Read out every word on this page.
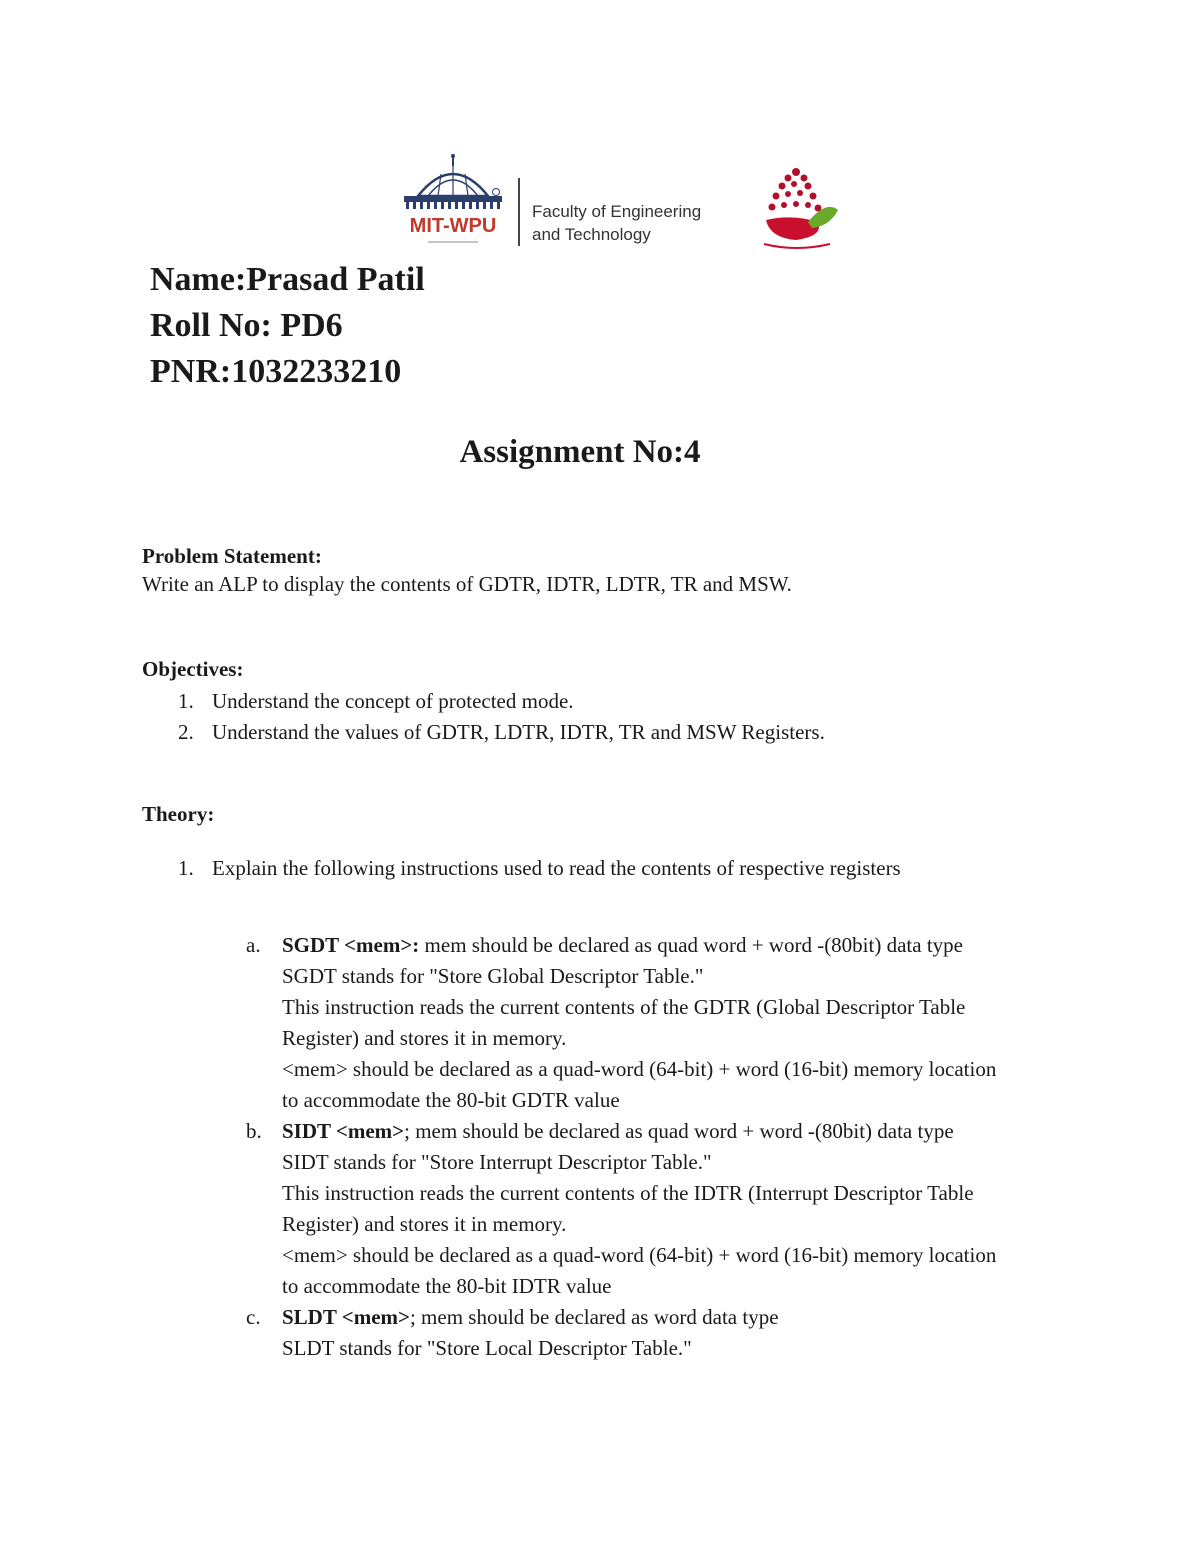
MIT-WPU
Faculty of Engineering
and Technology
Name:Prasad Patil
Roll No: PD6
PNR:1032233210
Assignment No:4
Problem Statement:
Write an ALP to display the contents of GDTR, IDTR, LDTR, TR and MSW.
Objectives:
1. Understand the concept of protected mode.
2. Understand the values of GDTR, LDTR, IDTR, TR and MSW Registers.
Theory:
1. Explain the following instructions used to read the contents of respective registers
a. SGDT <mem>: mem should be declared as quad word + word -(80bit) data type
SGDT stands for "Store Global Descriptor Table."
This instruction reads the current contents of the GDTR (Global Descriptor Table
Register) and stores it in memory.
<mem> should be declared as a quad-word (64-bit) + word (16-bit) memory location
to accommodate the 80-bit GDTR value
b. SIDT <mem>; mem should be declared as quad word + word -(80bit) data type
SIDT stands for "Store Interrupt Descriptor Table."
This instruction reads the current contents of the IDTR (Interrupt Descriptor Table
Register) and stores it in memory.
<mem> should be declared as a quad-word (64-bit) + word (16-bit) memory location
to accommodate the 80-bit IDTR value
c. SLDT <mem>; mem should be declared as word data type
SLDT stands for "Store Local Descriptor Table."
